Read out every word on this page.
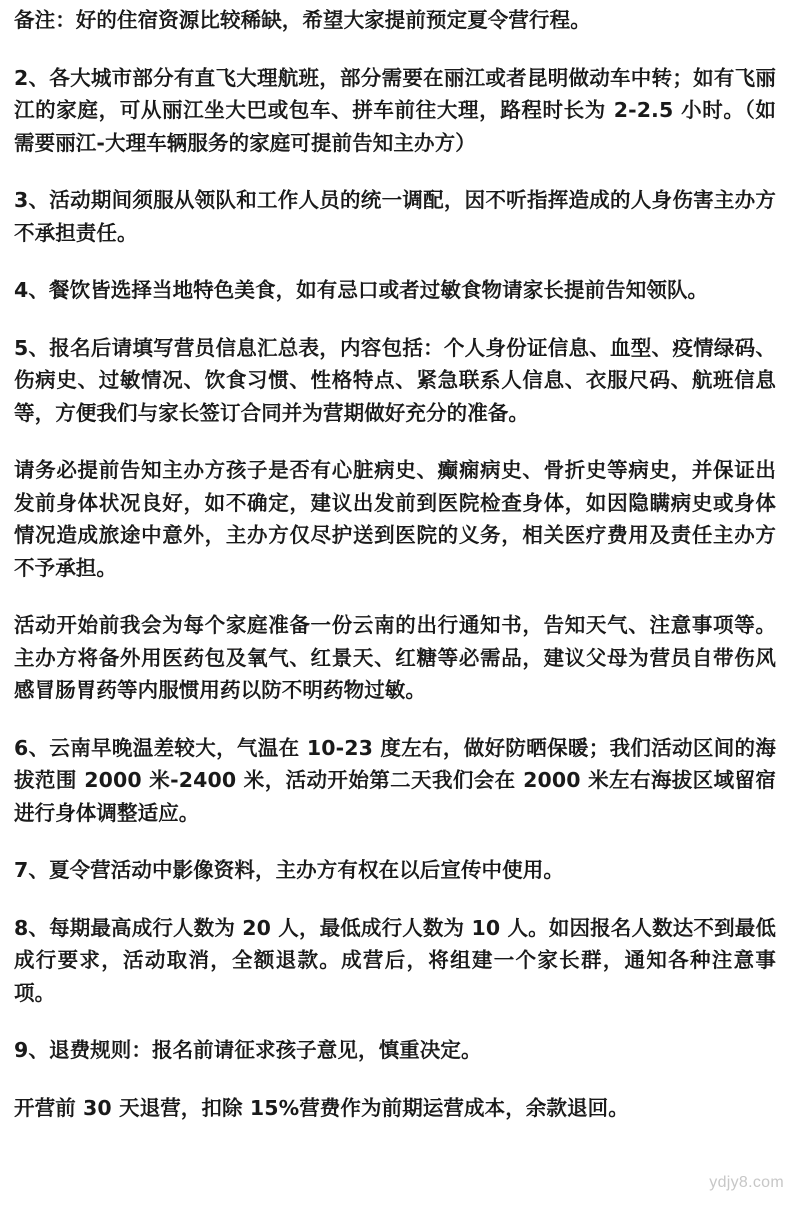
备注：好的住宿资源比较稀缺，希望大家提前预定夏令营行程。

2、各大城市部分有直飞大理航班，部分需要在丽江或者昆明做动车中转；如有飞丽江的家庭，可从丽江坐大巴或包车、拼车前往大理，路程时长为 2-2.5 小时。（如需要丽江-大理车辆服务的家庭可提前告知主办方）

3、活动期间须服从领队和工作人员的统一调配，因不听指挥造成的人身伤害主办方不承担责任。

4、餐饮皆选择当地特色美食，如有忌口或者过敏食物请家长提前告知领队。

5、报名后请填写营员信息汇总表，内容包括：个人身份证信息、血型、疫情绿码、伤病史、过敏情况、饮食习惯、性格特点、紧急联系人信息、衣服尺码、航班信息等，方便我们与家长签订合同并为营期做好充分的准备。

请务必提前告知主办方孩子是否有心脏病史、癫痫病史、骨折史等病史，并保证出发前身体状况良好，如不确定，建议出发前到医院检查身体，如因隐瞒病史或身体情况造成旅途中意外，主办方仅尽护送到医院的义务，相关医疗费用及责任主办方不予承担。

活动开始前我会为每个家庭准备一份云南的出行通知书，告知天气、注意事项等。主办方将备外用医药包及氧气、红景天、红糖等必需品，建议父母为营员自带伤风感冒肠胃药等内服惯用药以防不明药物过敏。

6、云南早晚温差较大，气温在 10-23 度左右，做好防晒保暖；我们活动区间的海拔范围 2000 米-2400 米，活动开始第二天我们会在 2000 米左右海拔区域留宿进行身体调整适应。

7、夏令营活动中影像资料，主办方有权在以后宣传中使用。

8、每期最高成行人数为 20 人，最低成行人数为 10 人。如因报名人数达不到最低成行要求，活动取消，全额退款。成营后，将组建一个家长群，通知各种注意事项。

9、退费规则：报名前请征求孩子意见，慎重决定。

开营前 30 天退营，扣除 15%营费作为前期运营成本，余款退回。

ydjy8.com
